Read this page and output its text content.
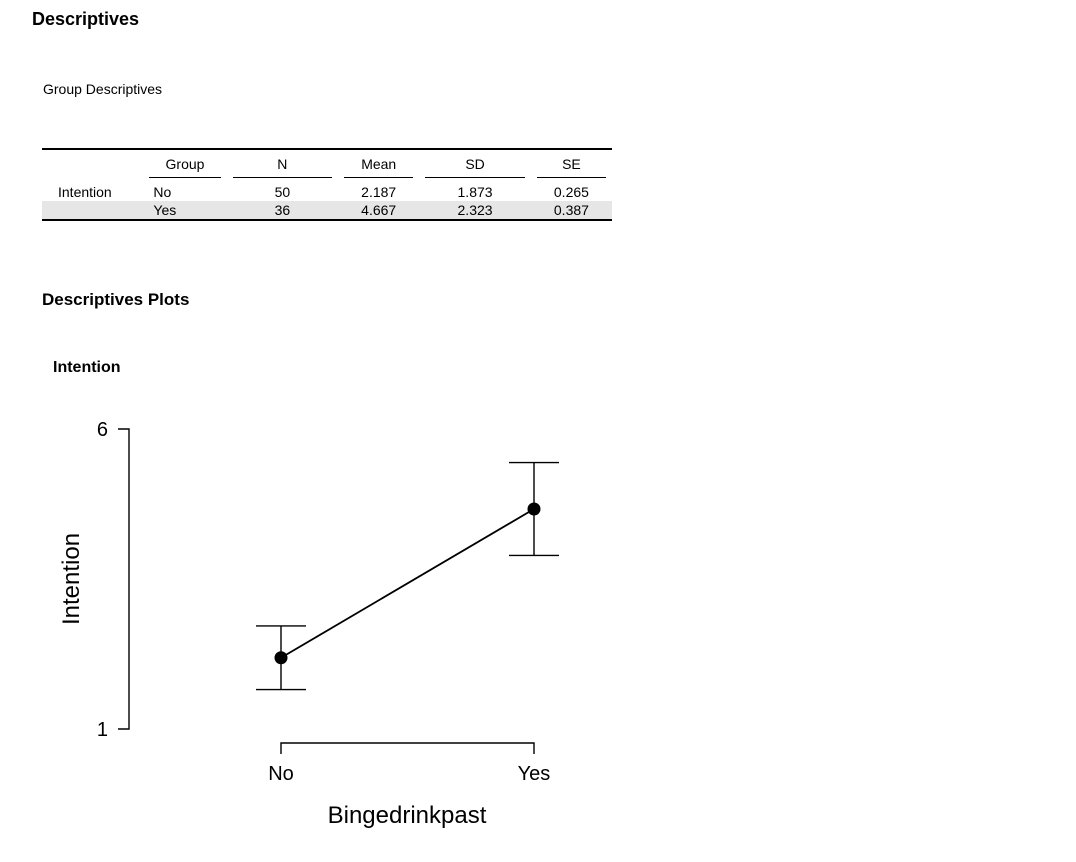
Descriptives
Group Descriptives
	Group	N	Mean	SD	SE
Intention	No	50	2.187	1.873	0.265
	Yes	36	4.667	2.323	0.387
Descriptives Plots
Intention
6
1
Intention
No	Yes
Bingedrinkpast
